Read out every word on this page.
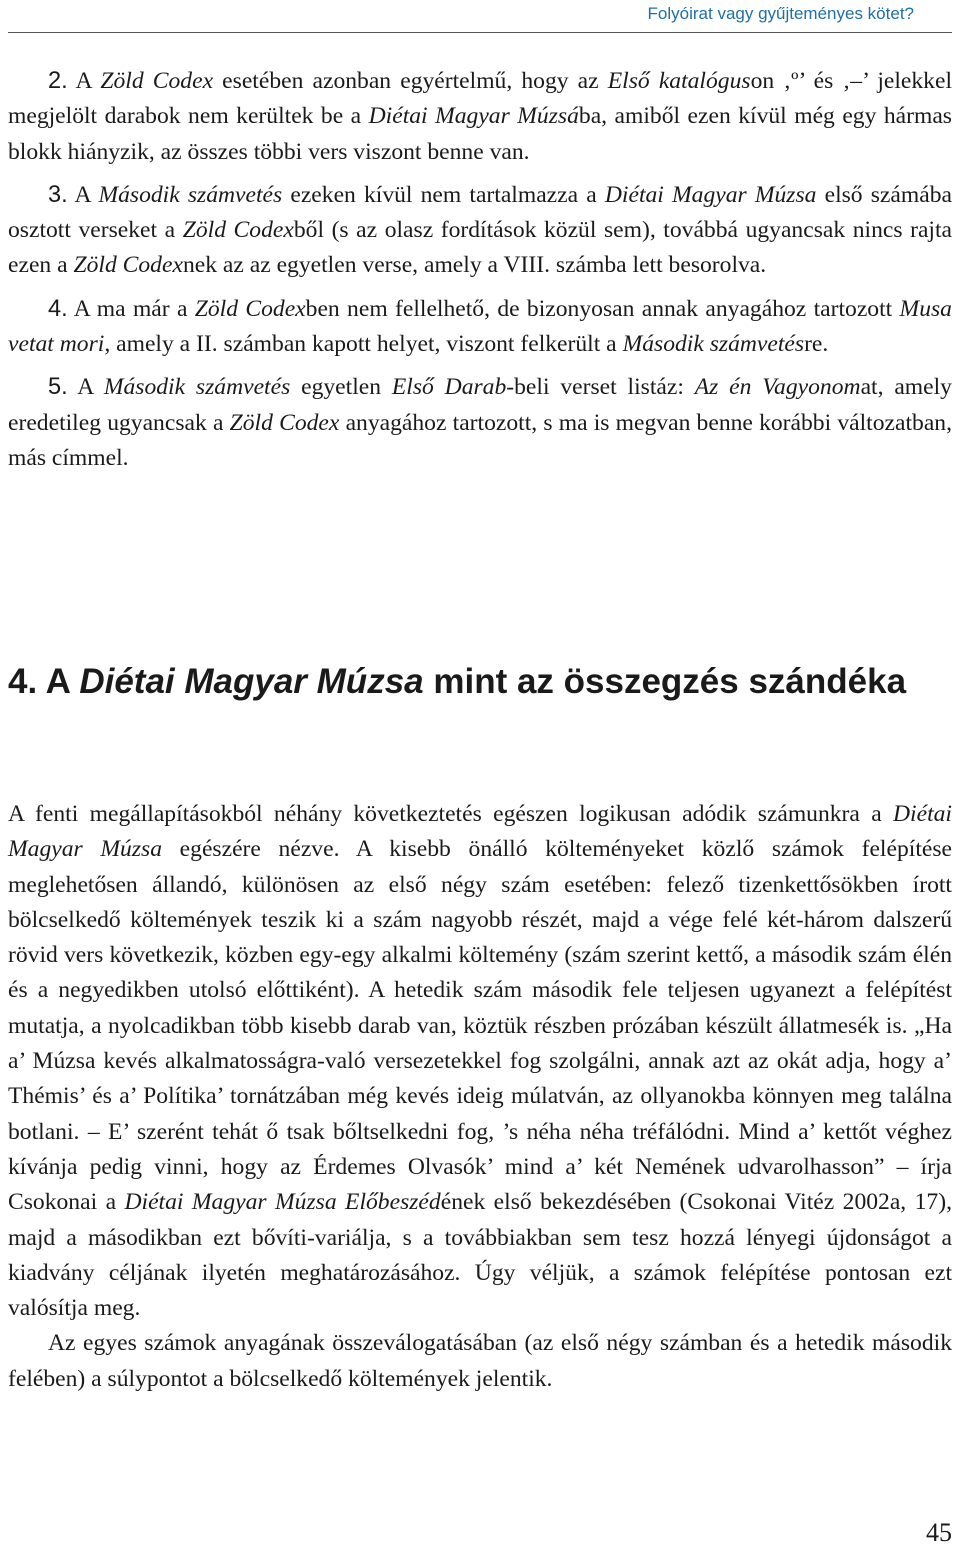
Folyóirat vagy gyűjteményes kötet?

2. A Zöld Codex esetében azonban egyértelmű, hogy az Első katalóguson ‚º’ és ‚–’ jelekkel megjelölt darabok nem kerültek be a Diétai Magyar Múzsába, amiből ezen kívül még egy hármas blokk hiányzik, az összes többi vers viszont benne van.

3. A Második számvetés ezeken kívül nem tartalmazza a Diétai Magyar Múzsa első számába osztott verseket a Zöld Codexből (s az olasz fordítások közül sem), továbbá ugyancsak nincs rajta ezen a Zöld Codexnek az az egyetlen verse, amely a VIII. számba lett besorolva.

4. A ma már a Zöld Codexben nem fellelhető, de bizonyosan annak anyagához tartozott Musa vetat mori, amely a II. számban kapott helyet, viszont felkerült a Második számvetésre.

5. A Második számvetés egyetlen Első Darab-beli verset listáz: Az én Vagyonomat, amely eredetileg ugyancsak a Zöld Codex anyagához tartozott, s ma is megvan benne korábbi változatban, más címmel.

4. A Diétai Magyar Múzsa mint az összegzés szándéka

A fenti megállapításokból néhány következtetés egészen logikusan adódik számunkra a Diétai Magyar Múzsa egészére nézve. A kisebb önálló költeményeket közlő számok felépítése meglehetősen állandó, különösen az első négy szám esetében: felező tizenkettősökben írott bölcselkedő költemények teszik ki a szám nagyobb részét, majd a vége felé két-három dalszerű rövid vers következik, közben egy-egy alkalmi költemény (szám szerint kettő, a második szám élén és a negyedikben utolsó előttiként). A hetedik szám második fele teljesen ugyanezt a felépítést mutatja, a nyolcadikban több kisebb darab van, köztük részben prózában készült állatmesék is. „Ha a’ Múzsa kevés alkalmatosságra-való versezetekkel fog szolgálni, annak azt az okát adja, hogy a’ Thémis’ és a’ Polítika’ tornátzában még kevés ideig múlatván, az ollyanokba könnyen meg találna botlani. – E’ szerént tehát ő tsak bőltselkedni fog, ’s néha néha tréfálódni. Mind a’ kettőt véghez kívánja pedig vinni, hogy az Érdemes Olvasók’ mind a’ két Nemének udvarolhasson” – írja Csokonai a Diétai Magyar Múzsa Előbeszédének első bekezdésében (Csokonai Vitéz 2002a, 17), majd a másodikban ezt bővíti-variálja, s a továbbiakban sem tesz hozzá lényegi újdonságot a kiadvány céljának ilyetén meghatározásához. Úgy véljük, a számok felépítése pontosan ezt valósítja meg.

Az egyes számok anyagának összeválogatásában (az első négy számban és a hetedik második felében) a súlypontot a bölcselkedő költemények jelentik.

45
